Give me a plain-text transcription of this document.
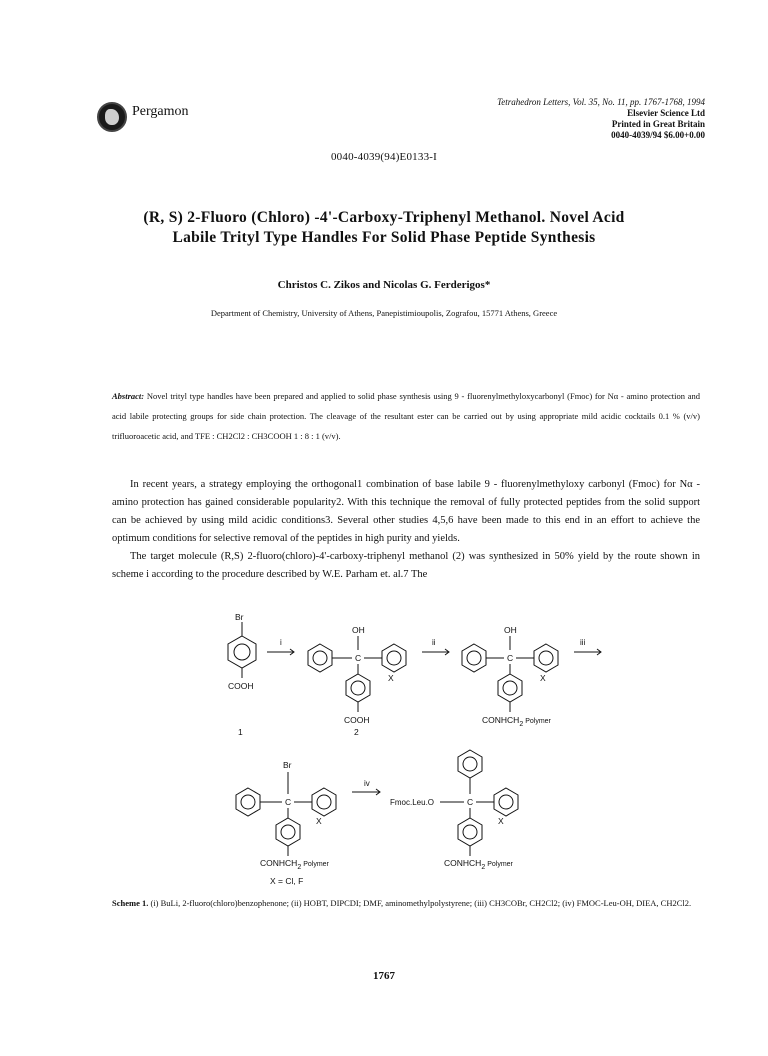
Pergamon
Tetrahedron Letters, Vol. 35, No. 11, pp. 1767-1768, 1994
Elsevier Science Ltd
Printed in Great Britain
0040-4039/94 $6.00+0.00
0040-4039(94)E0133-I
(R, S) 2-Fluoro (Chloro) -4'-Carboxy-Triphenyl Methanol. Novel Acid
Labile Trityl Type Handles For Solid Phase Peptide Synthesis
Christos C. Zikos and Nicolas G. Ferderigos*
Department of Chemistry, University of Athens, Panepistimioupolis, Zografou, 15771 Athens, Greece
Abstract: Novel trityl type handles have been prepared and applied to solid phase synthesis using 9 - fluorenylmethyloxycarbonyl (Fmoc) for Nα - amino protection and acid labile protecting groups for side chain protection. The cleavage of the resultant ester can be carried out by using appropriate mild acidic cocktails 0.1 % (v/v) trifluoroacetic acid, and TFE : CH2Cl2 : CH3COOH 1 : 8 : 1 (v/v).

In recent years, a strategy employing the orthogonal1 combination of base labile 9 - fluorenylmethyloxy carbonyl (Fmoc) for Nα - amino protection has gained considerable popularity2. With this technique the removal of fully protected peptides from the solid support can be achieved by using mild acidic conditions3. Several other studies 4,5,6 have been made to this end in an effort to achieve the optimum conditions for selective removal of the peptides in high purity and yields.

The target molecule (R,S) 2-fluoro(chloro)-4'-carboxy-triphenyl methanol (2) was synthesized in 50% yield by the route shown in scheme i according to the procedure described by W.E. Parham et. al.7 The

Br
COOH
1
i
OH
C
X
COOH
2
ii
OH
C
X
$CONHCH_2$ $^{Polymer}$
iii
Br
C
X
$CONHCH_2$ $^{Polymer}$
iv
Fmoc.Leu.O	C
X
$CONHCH_2$ $^{Polymer}$
X = Cl, F
Scheme 1. (i) BuLi, 2-fluoro(chloro)benzophenone; (ii) HOBT, DIPCDI; DMF, aminomethylpolystyrene; (iii) CH3COBr, CH2Cl2; (iv) FMOC-Leu-OH, DIEA, CH2Cl2.
1767
